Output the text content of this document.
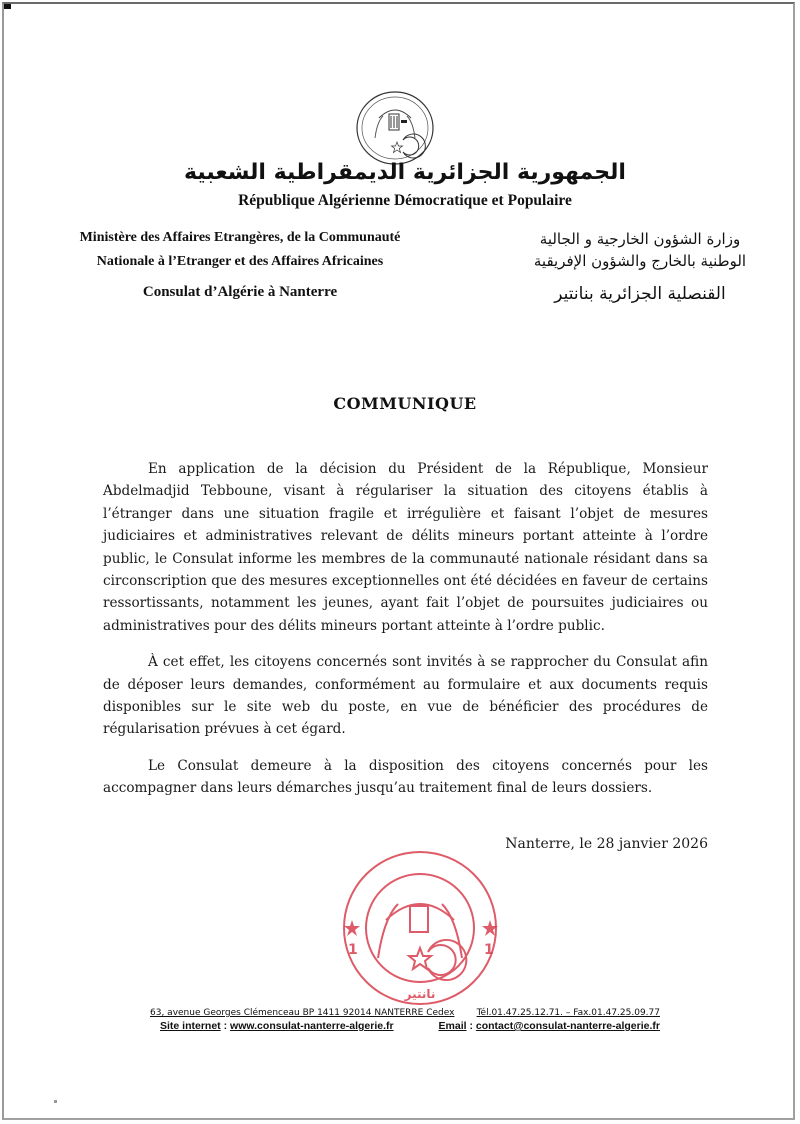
الجمهورية الجزائرية الديمقراطية الشعبية
République Algérienne Démocratique et Populaire
Ministère des Affaires Etrangères, de la Communauté
Nationale à l’Etranger et des Affaires Africaines
Consulat d’Algérie à Nanterre
وزارة الشؤون الخارجية و الجالية
الوطنية بالخارج والشؤون الإفريقية
القنصلية الجزائرية بنانتير
COMMUNIQUE

En application de la décision du Président de la République, Monsieur Abdelmadjid Tebboune, visant à régulariser la situation des citoyens établis à l’étranger dans une situation fragile et irrégulière et faisant l’objet de mesures judiciaires et administratives relevant de délits mineurs portant atteinte à l’ordre public, le Consulat informe les membres de la communauté nationale résidant dans sa circonscription que des mesures exceptionnelles ont été décidées en faveur de certains ressortissants, notamment les jeunes, ayant fait l’objet de poursuites judiciaires ou administratives pour des délits mineurs portant atteinte à l’ordre public.

À cet effet, les citoyens concernés sont invités à se rapprocher du Consulat afin de déposer leurs demandes, conformément au formulaire et aux documents requis disponibles sur le site web du poste, en vue de bénéficier des procédures de régularisation prévues à cet égard.

Le Consulat demeure à la disposition des citoyens concernés pour les accompagner dans leurs démarches jusqu’au traitement final de leurs dossiers.

Nanterre, le 28 janvier 2026
1	1
نانتير
63, avenue Georges Clémenceau BP 1411 92014 NANTERRE Cedex Tél.01.47.25.12.71. – Fax.01.47.25.09.77
Site internet : www.consulat-nanterre-algerie.fr	Email : contact@consulat-nanterre-algerie.fr
